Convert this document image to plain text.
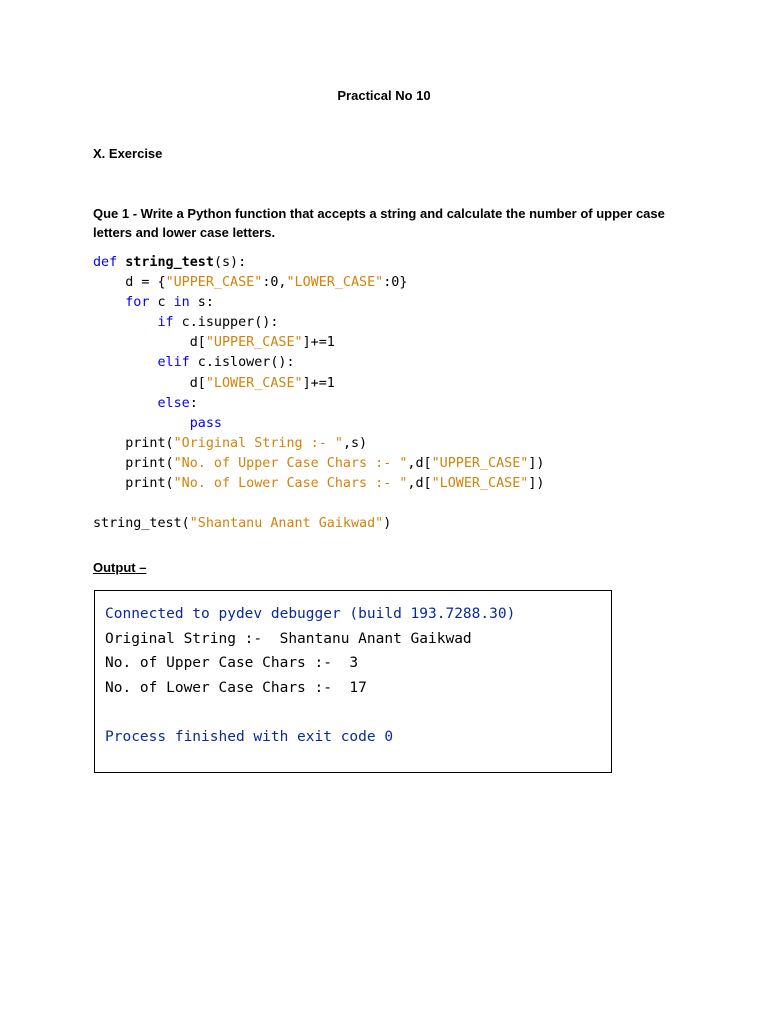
Practical No 10
X. Exercise
Que 1 - Write a Python function that accepts a string and calculate the number of upper case letters and lower case letters.
def string_test(s):
d = {"UPPER_CASE":0,"LOWER_CASE":0}
for c in s:
if c.isupper():
d["UPPER_CASE"]+=1
elif c.islower():
d["LOWER_CASE"]+=1
else:
pass
print("Original String :- ",s)
print("No. of Upper Case Chars :- ",d["UPPER_CASE"])
print("No. of Lower Case Chars :- ",d["LOWER_CASE"])
string_test("Shantanu Anant Gaikwad")
Output –
Connected to pydev debugger (build 193.7288.30)
Original String :-  Shantanu Anant Gaikwad
No. of Upper Case Chars :-  3
No. of Lower Case Chars :-  17
Process finished with exit code 0
